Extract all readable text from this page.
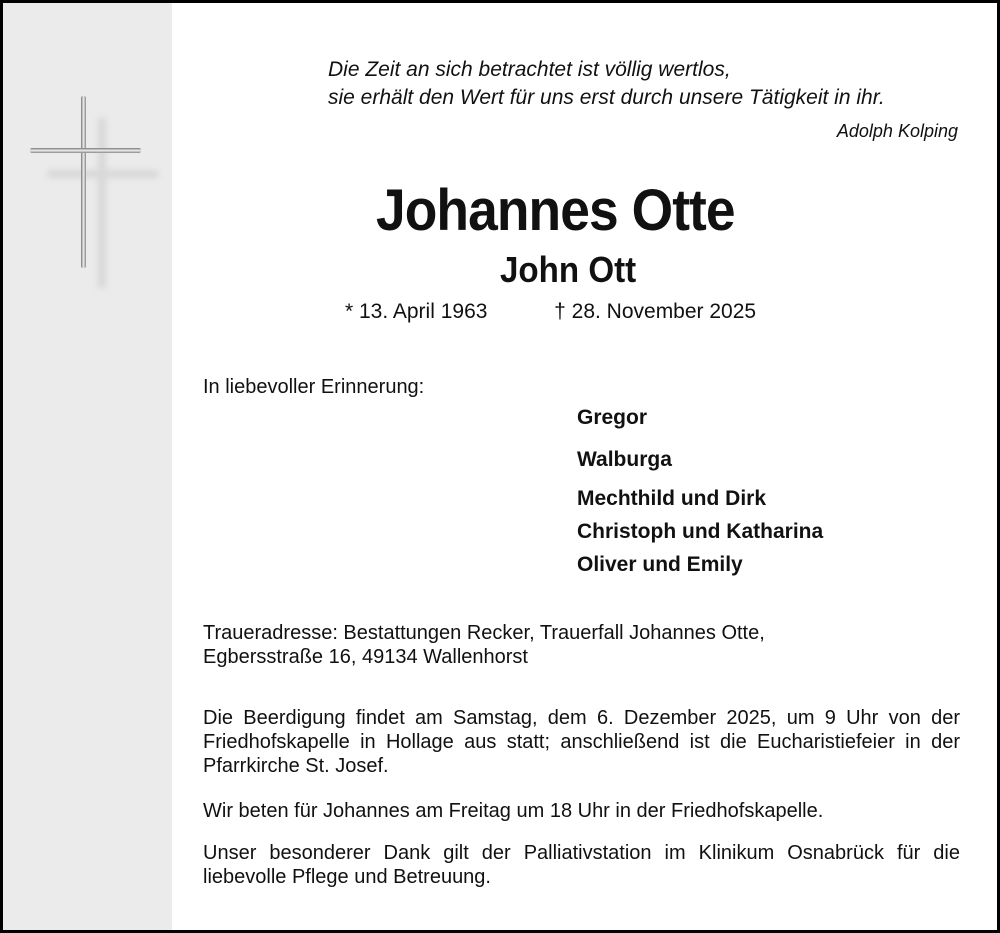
Die Zeit an sich betrachtet ist völlig wertlos,
sie erhält den Wert für uns erst durch unsere Tätigkeit in ihr.
Adolph Kolping
Johannes Otte
John Ott
* 13. April 1963	† 28. November 2025
In liebevoller Erinnerung:
Gregor
Walburga
Mechthild und Dirk
Christoph und Katharina
Oliver und Emily
Traueradresse: Bestattungen Recker, Trauerfall Johannes Otte,
Egbersstraße 16, 49134 Wallenhorst
Die Beerdigung findet am Samstag, dem 6. Dezember 2025, um 9 Uhr von der Friedhofskapelle in Hollage aus statt; anschließend ist die Eucharistiefeier in der Pfarrkirche St. Josef.
Wir beten für Johannes am Freitag um 18 Uhr in der Friedhofskapelle.
Unser besonderer Dank gilt der Palliativstation im Klinikum Osnabrück für die liebevolle Pflege und Betreuung.
